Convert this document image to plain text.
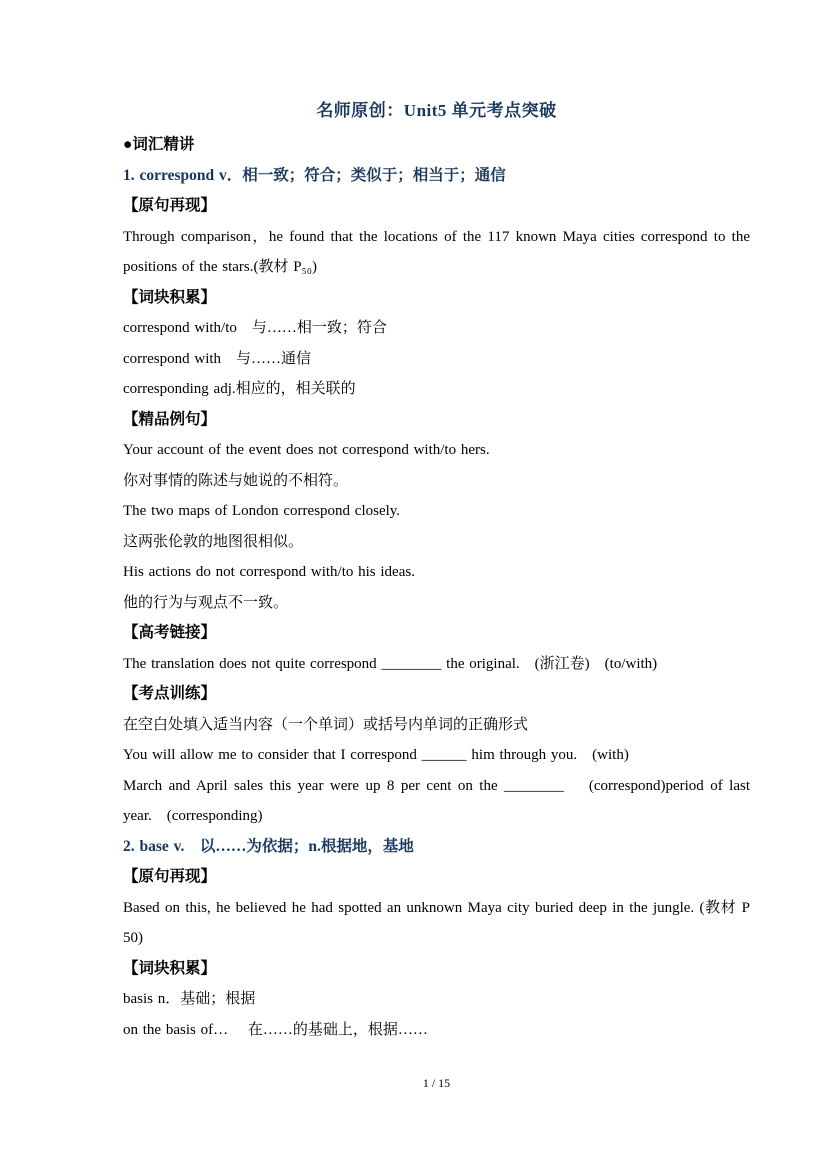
名师原创：Unit5 单元考点突破

●词汇精讲

1. correspond v．相一致；符合；类似于；相当于；通信

【原句再现】

Through comparison，he found that the locations of the 117 known Maya cities correspond to the positions of the stars.(教材 P₅₀)

【词块积累】

correspond with/to　与……相一致；符合

correspond with　与……通信

corresponding adj.相应的，相关联的

【精品例句】

Your account of the event does not correspond with/to hers.

你对事情的陈述与她说的不相符。

The two maps of London correspond closely.

这两张伦敦的地图很相似。

His actions do not correspond with/to his ideas.

他的行为与观点不一致。

【高考链接】

The translation does not quite correspond ________ the original.　(浙江卷)　(to/with)

【考点训练】

在空白处填入适当内容（一个单词）或括号内单词的正确形式

You will allow me to consider that I correspond ______ him through you.　(with)

March and April sales this year were up 8 per cent on the ________　 (correspond)period of last year.　(corresponding)

2. base v.　以……为依据；n.根据地，基地

【原句再现】

Based on this, he believed he had spotted an unknown Maya city buried deep in the jungle. (教材 P 50)

【词块积累】

basis n．基础；根据

on the basis of…　 在……的基础上，根据……

1 / 15
